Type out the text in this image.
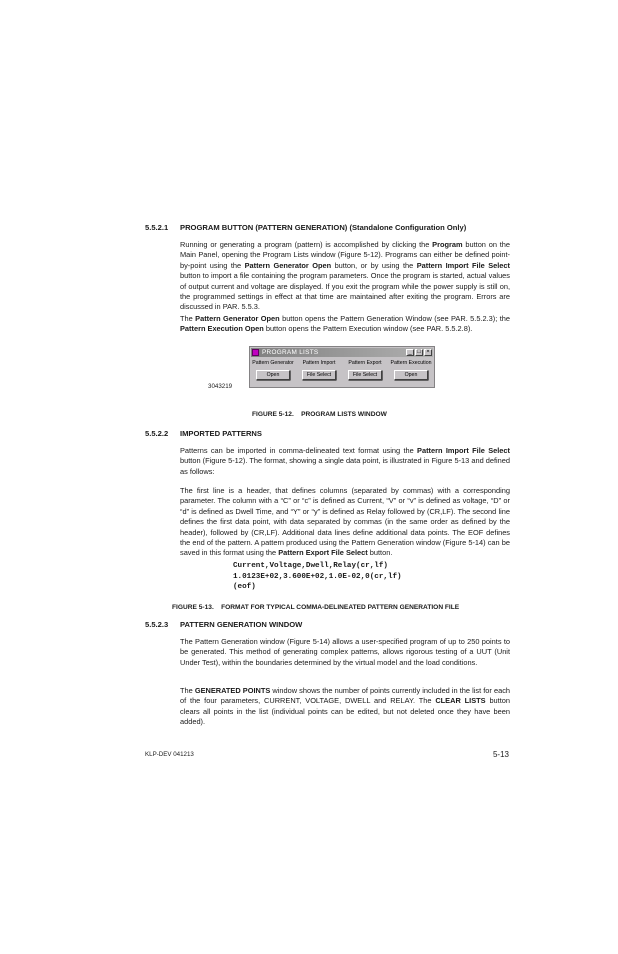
5.5.2.1 PROGRAM BUTTON (PATTERN GENERATION) (Standalone Configuration Only)
Running or generating a program (pattern) is accomplished by clicking the Program button on the Main Panel, opening the Program Lists window (Figure 5-12). Programs can either be defined point-by-point using the Pattern Generator Open button, or by using the Pattern Import File Select button to import a file containing the program parameters. Once the program is started, actual values of output current and voltage are displayed. If you exit the program while the power supply is still on, the programmed settings in effect at that time are maintained after exiting the program. Errors are discussed in PAR. 5.5.3.
The Pattern Generator Open button opens the Pattern Generation Window (see PAR. 5.5.2.3); the Pattern Execution Open button opens the Pattern Execution window (see PAR. 5.5.2.8).
3043219
PROGRAM LISTS	_ □ ×
Pattern Generator
Open
Pattern Import
File Select
Pattern Export
File Select
Pattern Execution
Open
FIGURE 5-12.    PROGRAM LISTS WINDOW
5.5.2.2 IMPORTED PATTERNS
Patterns can be imported in comma-delineated text format using the Pattern Import File Select button (Figure 5-12). The format, showing a single data point, is illustrated in Figure 5-13 and defined as follows:
The first line is a header, that defines columns (separated by commas) with a corresponding parameter. The column with a “C” or “c” is defined as Current, “V” or “v” is defined as voltage, “D” or “d” is defined as Dwell Time, and “Y” or “y” is defined as Relay followed by (CR,LF). The second line defines the first data point, with data separated by commas (in the same order as defined by the header), followed by (CR,LF). Additional data lines define additional data points. The EOF defines the end of the pattern. A pattern produced using the Pattern Generation window (Figure 5-14) can be saved in this format using the Pattern Export File Select button.
Current,Voltage,Dwell,Relay(cr,lf)
1.0123E+02,3.600E+02,1.0E-02,0(cr,lf)
(eof)
FIGURE 5-13.    FORMAT FOR TYPICAL COMMA-DELINEATED PATTERN GENERATION FILE
5.5.2.3 PATTERN GENERATION WINDOW
The Pattern Generation window (Figure 5-14) allows a user-specified program of up to 250 points to be generated. This method of generating complex patterns, allows rigorous testing of a UUT (Unit Under Test), within the boundaries determined by the virtual model and the load conditions.
The GENERATED POINTS window shows the number of points currently included in the list for each of the four parameters, CURRENT, VOLTAGE, DWELL and RELAY. The CLEAR LISTS button clears all points in the list (individual points can be edited, but not deleted once they have been added).
KLP-DEV 041213	5-13
